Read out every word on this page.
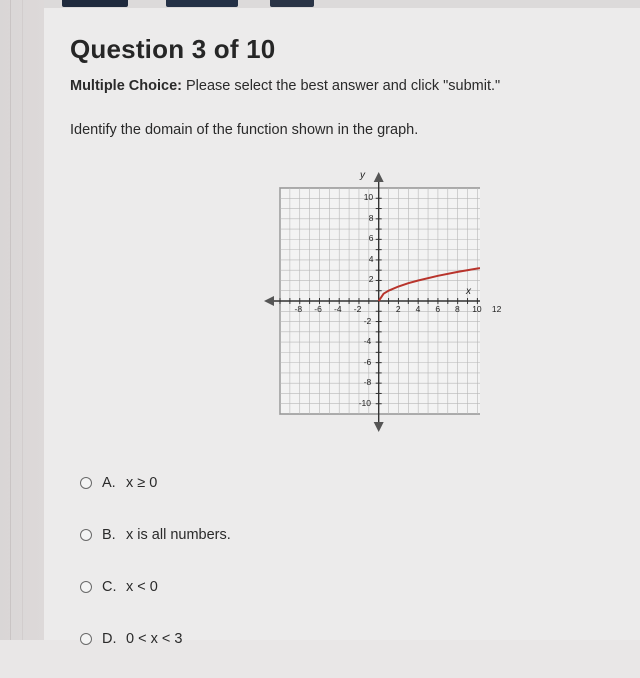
Question 3 of 10
Multiple Choice: Please select the best answer and click "submit."
Identify the domain of the function shown in the graph.
y
x
-8 -6 -4 -2	2 4 6 8 10 12
10
8
6
4
2
-2
-4
-6
-8
-10
A. x ≥ 0
B. x is all numbers.
C. x < 0
D. 0 < x < 3
